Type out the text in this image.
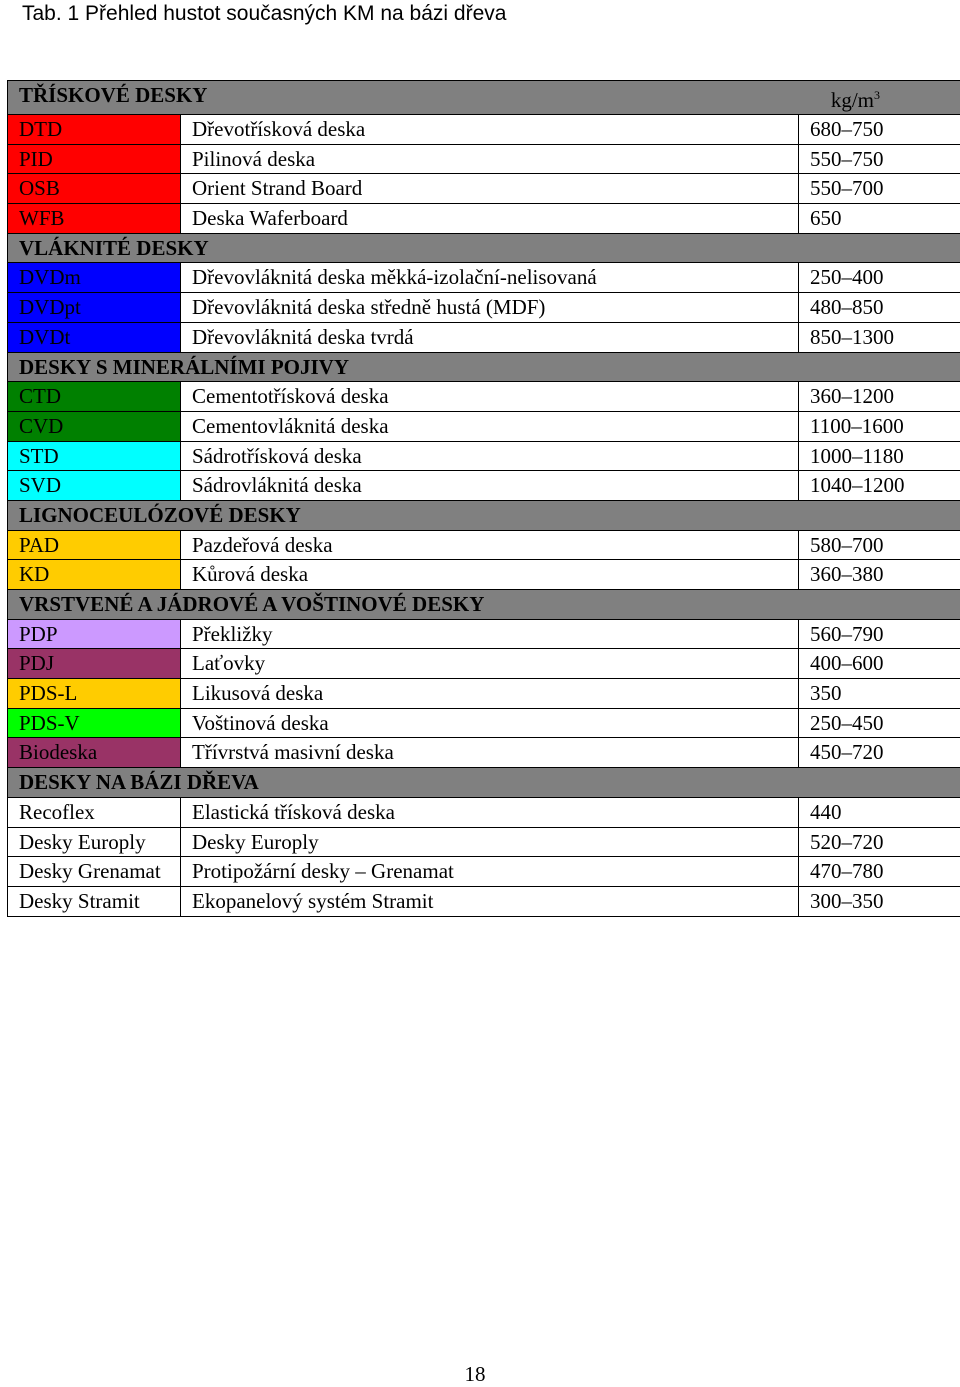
Tab. 1 Přehled hustot současných KM na bázi dřeva
TŘÍSKOVÉ DESKY $kg/m^3$

DTD	Dřevotřísková deska	680–750
PID	Pilinová deska	550–750
OSB	Orient Strand Board	550–700
WFB	Deska Waferboard	650
VLÁKNITÉ DESKY		
DVDm	Dřevovláknitá deska měkká-izolační-nelisovaná	250–400
DVDpt	Dřevovláknitá deska středně hustá (MDF)	480–850
DVDt	Dřevovláknitá deska tvrdá	850–1300
DESKY S MINERÁLNÍMI POJIVY		
CTD	Cementotřísková deska	360–1200
CVD	Cementovláknitá deska	1100–1600
STD	Sádrotřísková deska	1000–1180
SVD	Sádrovláknitá deska	1040–1200
LIGNOCEULÓZOVÉ DESKY		
PAD	Pazdeřová deska	580–700
KD	Kůrová deska	360–380
VRSTVENÉ A JÁDROVÉ A VOŠTINOVÉ DESKY		
PDP	Překližky	560–790
PDJ	Laťovky	400–600
PDS-L	Likusová deska	350
PDS-V	Voštinová deska	250–450
Biodeska	Třívrstvá masivní deska	450–720
DESKY NA BÁZI DŘEVA		
Recoflex	Elastická třísková deska	440
Desky Europly	Desky Europly	520–720
Desky Grenamat	Protipožární desky – Grenamat	470–780
Desky Stramit	Ekopanelový systém Stramit	300–350
18
